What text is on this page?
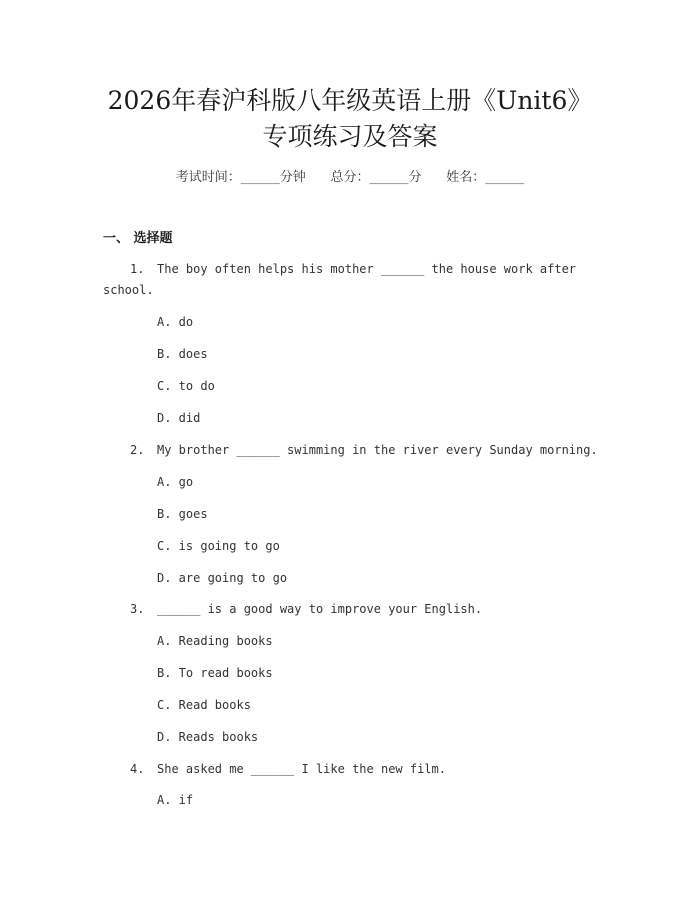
2026年春沪科版八年级英语上册《Unit6》
专项练习及答案
考试时间：______分钟      总分：______分      姓名：______
一、 选择题
1. The boy often helps his mother ______ the house work after
school.
A. do
B. does
C. to do
D. did
2. My brother ______ swimming in the river every Sunday morning.
A. go
B. goes
C. is going to go
D. are going to go
3. ______ is a good way to improve your English.
A. Reading books
B. To read books
C. Read books
D. Reads books
4. She asked me ______ I like the new film.
A. if
